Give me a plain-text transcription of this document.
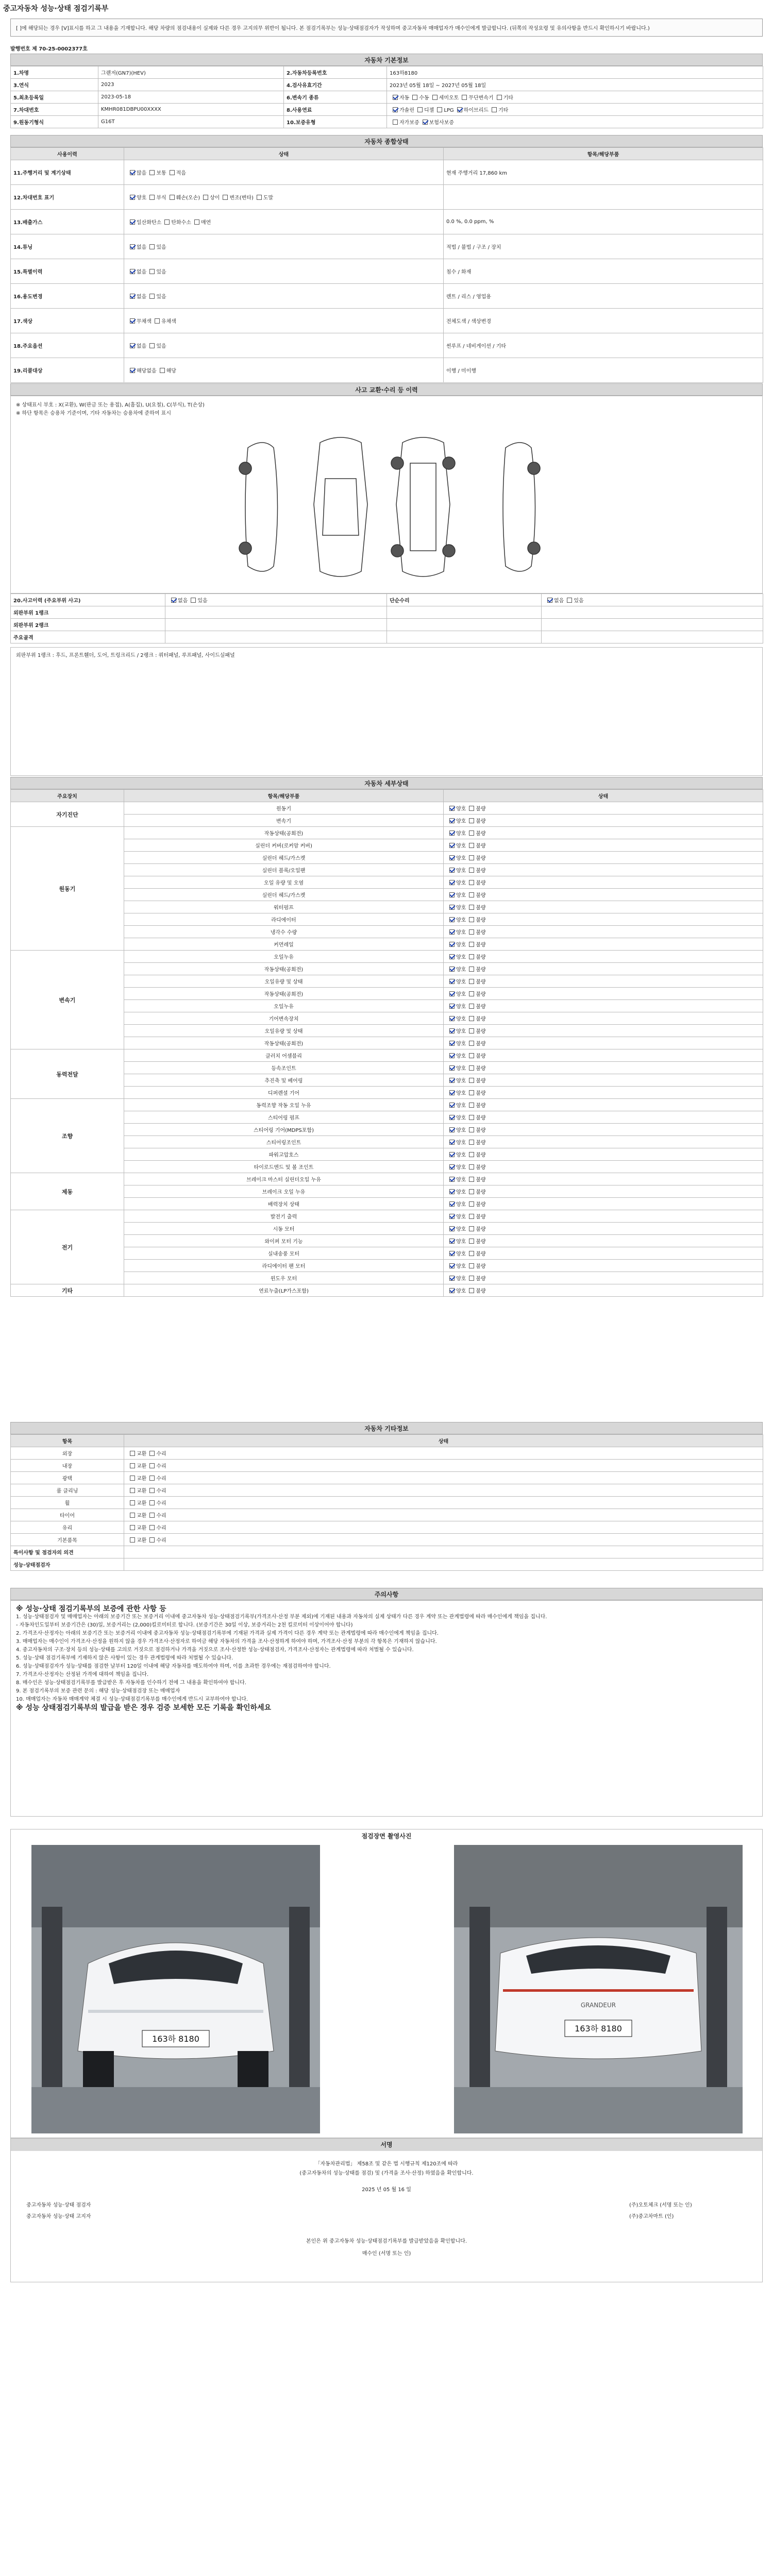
중고자동차 성능·상태 점검기록부
[ ]에 해당되는 경우 [V]표시를 하고 그 내용을 기재합니다. 해당 차량의 점검내용이 실제와 다른 경우 고지의무 위반이 됩니다. 본 점검기록부는 성능·상태점검자가 작성하며 중고자동차 매매업자가 매수인에게 발급합니다. (뒤쪽의 작성요령 및 유의사항을 반드시 확인하시기 바랍니다.)
발행번호 제 70-25-0002377호
자동차 기본정보
1.차명	그랜저(GN7)(HEV)	2.자동차등록번호	163하8180
3.연식	2023	4.검사유효기간	2023년 05월 18일 ~ 2027년 05월 18일
5.최초등록일	2023-05-18	6.변속기 종류	자동 수동 세미오토 무단변속기 기타
7.차대번호	KMHR081DBPU00XXXX	8.사용연료	가솔린 디젤 LPG 하이브리드 기타
9.원동기형식	G16T	10.보증유형	자가보증 보험사보증
자동차 종합상태
사용이력	상태	항목/해당부품
11.주행거리 및 계기상태	많음 보통 적음	현재 주행거리 17,860 km
12.차대번호 표기	양호 부식 훼손(오손) 상이 변조(변타) 도말	
13.배출가스	일산화탄소 탄화수소 매연	0.0 %, 0.0 ppm, %
14.튜닝	없음 있음	적법 / 불법 / 구조 / 장치
15.특별이력	없음 있음	침수 / 화재
16.용도변경	없음 있음	렌트 / 리스 / 영업용
17.색상	무채색 유채색	전체도색 / 색상변경
18.주요옵션	없음 있음	썬루프 / 네비게이션 / 기타
19.리콜대상	해당없음 해당	이행 / 미이행
사고 교환·수리 등 이력
※ 상태표시 부호 : X(교환), W(판금 또는 용접), A(흠집), U(요철), C(부식), T(손상)
※ 하단 항목은 승용차 기준이며, 기타 자동차는 승용차에 준하여 표시
20.사고이력 (주요부위 사고)	없음 있음	단순수리	없음 있음
외판부위 1랭크			
외판부위 2랭크			
주요골격			
외판부위 1랭크 : 후드, 프론트휀더, 도어, 트렁크리드 / 2랭크 : 쿼터패널, 루프패널, 사이드실패널
자동차 세부상태
주요장치	항목/해당부품	상태
자기진단	원동기	양호 불량
	변속기	양호 불량
원동기	작동상태(공회전)	양호 불량
	실린더 커버(로커암 커버)	양호 불량
	실린더 헤드/가스켓	양호 불량
	실린더 블록/오일팬	양호 불량
	오일 유량 및 오염	양호 불량
	실린더 헤드/가스켓	양호 불량
	워터펌프	양호 불량
	라디에이터	양호 불량
	냉각수 수량	양호 불량
	커먼레일	양호 불량
변속기	오일누유	양호 불량
	작동상태(공회전)	양호 불량
	오일유량 및 상태	양호 불량
	작동상태(공회전)	양호 불량
	오일누유	양호 불량
	기어변속장치	양호 불량
	오일유량 및 상태	양호 불량
	작동상태(공회전)	양호 불량
동력전달	클러치 어셈블리	양호 불량
	등속조인트	양호 불량
	추진축 및 베어링	양호 불량
	디퍼렌셜 기어	양호 불량
조향	동력조향 작동 오일 누유	양호 불량
	스티어링 펌프	양호 불량
	스티어링 기어(MDPS포함)	양호 불량
	스티어링조인트	양호 불량
	파워고압호스	양호 불량
	타이로드엔드 및 볼 조인트	양호 불량
제동	브레이크 마스터 실린더오일 누유	양호 불량
	브레이크 오일 누유	양호 불량
	배력장치 상태	양호 불량
전기	발전기 출력	양호 불량
	시동 모터	양호 불량
	와이퍼 모터 기능	양호 불량
	실내송풍 모터	양호 불량
	라디에이터 팬 모터	양호 불량
	윈도우 모터	양호 불량
기타	연료누출(LP가스포함)	양호 불량
자동차 기타정보
항목	상태
외장	교환 수리
내장	교환 수리
광택	교환 수리
룸 클리닝	교환 수리
휠	교환 수리
타이어	교환 수리
유리	교환 수리
기본품목	교환 수리
특이사항 및 점검자의 의견	
성능·상태점검자	
주의사항
※ 성능·상태 점검기록부의 보증에 관한 사항 등
1. 성능·상태점검자 및 매매업자는 아래의 보증기간 또는 보증거리 이내에 중고자동차 성능·상태점검기록부(가격조사·산정 부분 제외)에 기재된 내용과 자동차의 실제 상태가 다른 경우 계약 또는 관계법령에 따라 매수인에게 책임을 집니다.
- 자동차인도일부터 보증기간은 (30)일, 보증거리는 (2,000)킬로미터로 합니다. (보증기간은 30일 이상, 보증거리는 2천 킬로미터 이상이어야 합니다)
2. 가격조사·산정자는 아래의 보증기간 또는 보증거리 이내에 중고자동차 성능·상태점검기록부에 기재된 가격과 실제 가격이 다른 경우 계약 또는 관계법령에 따라 매수인에게 책임을 집니다.
3. 매매업자는 매수인이 가격조사·산정을 원하지 않을 경우 가격조사·산정자로 하여금 해당 자동차의 가격을 조사·산정하게 하여야 하며, 가격조사·산정 부분의 각 항목은 기재하지 않습니다.
4. 중고자동차의 구조·장치 등의 성능·상태를 고의로 거짓으로 점검하거나 가격을 거짓으로 조사·산정한 성능·상태점검자, 가격조사·산정자는 관계법령에 따라 처벌될 수 있습니다.
5. 성능·상태 점검기록부에 기재하지 않은 사항이 있는 경우 관계법령에 따라 처벌될 수 있습니다.
6. 성능·상태점검자가 성능·상태를 점검한 날부터 120일 이내에 해당 자동차를 매도하여야 하며, 이를 초과한 경우에는 재점검하여야 합니다.
7. 가격조사·산정자는 산정된 가격에 대하여 책임을 집니다.
8. 매수인은 성능·상태점검기록부를 발급받은 후 자동차를 인수하기 전에 그 내용을 확인하여야 합니다.
9. 본 점검기록부의 보증 관련 문의 : 해당 성능·상태점검장 또는 매매업자
10. 매매업자는 자동차 매매계약 체결 시 성능·상태점검기록부를 매수인에게 반드시 교부하여야 합니다.
※ 성능 상태점검기록부의 발급을 받은 경우 검증 보세한 모든 기록을 확인하세요
점검장면 촬영사진
163하 8180
GRANDEUR
163하 8180
서명
「자동차관리법」 제58조 및 같은 법 시행규칙 제120조에 따라
(중고자동차의 성능·상태를 점검) 및 (가격을 조사·산정) 하였음을 확인합니다.
2025 년 05 월 16 일
중고자동차 성능·상태 점검자	(주)오토체크 (서명 또는 인)
중고자동차 성능·상태 고지자	(주)중고차마트 (인)
본인은 위 중고자동차 성능·상태점검기록부를 발급받았음을 확인합니다.
매수인 (서명 또는 인)
